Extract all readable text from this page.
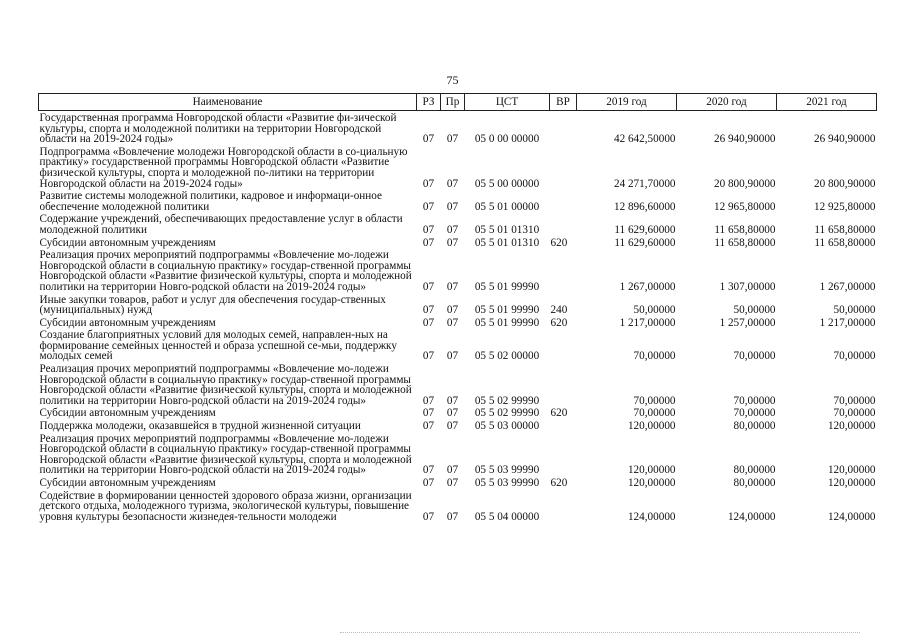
75
Наименование	РЗ	Пр	ЦСТ	ВР	2019 год	2020 год	2021 год
Государственная программа Новгородской области «Развитие фи-зической культуры, спорта и молодежной политики на территории Новгородской области на 2019-2024 годы»	07	07	05 0 00 00000		42 642,50000	26 940,90000	26 940,90000
Подпрограмма «Вовлечение молодежи Новгородской области в со-циальную практику» государственной программы Новгородской области «Развитие физической культуры, спорта и молодежной по-литики на территории Новгородской области на 2019-2024 годы»	07	07	05 5 00 00000		24 271,70000	20 800,90000	20 800,90000
Развитие системы молодежной политики, кадровое и информаци-онное обеспечение молодежной политики	07	07	05 5 01 00000		12 896,60000	12 965,80000	12 925,80000
Содержание учреждений, обеспечивающих предоставление услуг в области молодежной политики	07	07	05 5 01 01310		11 629,60000	11 658,80000	11 658,80000
Субсидии автономным учреждениям	07	07	05 5 01 01310	620	11 629,60000	11 658,80000	11 658,80000
Реализация прочих мероприятий подпрограммы «Вовлечение мо-лодежи Новгородской области в социальную практику» государ-ственной программы Новгородской области «Развитие физической культуры, спорта и молодежной политики на территории Новго-родской области на 2019-2024 годы»	07	07	05 5 01 99990		1 267,00000	1 307,00000	1 267,00000
Иные закупки товаров, работ и услуг для обеспечения государ-ственных (муниципальных) нужд	07	07	05 5 01 99990	240	50,00000	50,00000	50,00000
Субсидии автономным учреждениям	07	07	05 5 01 99990	620	1 217,00000	1 257,00000	1 217,00000
Создание благоприятных условий для молодых семей, направлен-ных на формирование семейных ценностей и образа успешной се-мьи, поддержку молодых семей	07	07	05 5 02 00000		70,00000	70,00000	70,00000
Реализация прочих мероприятий подпрограммы «Вовлечение мо-лодежи Новгородской области в социальную практику» государ-ственной программы Новгородской области «Развитие физической культуры, спорта и молодежной политики на территории Новго-родской области на 2019-2024 годы»	07	07	05 5 02 99990		70,00000	70,00000	70,00000
Субсидии автономным учреждениям	07	07	05 5 02 99990	620	70,00000	70,00000	70,00000
Поддержка молодежи, оказавшейся в трудной жизненной ситуации	07	07	05 5 03 00000		120,00000	80,00000	120,00000
Реализация прочих мероприятий подпрограммы «Вовлечение мо-лодежи Новгородской области в социальную практику» государ-ственной программы Новгородской области «Развитие физической культуры, спорта и молодежной политики на территории Новго-родской области на 2019-2024 годы»	07	07	05 5 03 99990		120,00000	80,00000	120,00000
Субсидии автономным учреждениям	07	07	05 5 03 99990	620	120,00000	80,00000	120,00000
Содействие в формировании ценностей здорового образа жизни, организации детского отдыха, молодежного туризма, экологической культуры, повышение уровня культуры безопасности жизнедея-тельности молодежи	07	07	05 5 04 00000		124,00000	124,00000	124,00000
